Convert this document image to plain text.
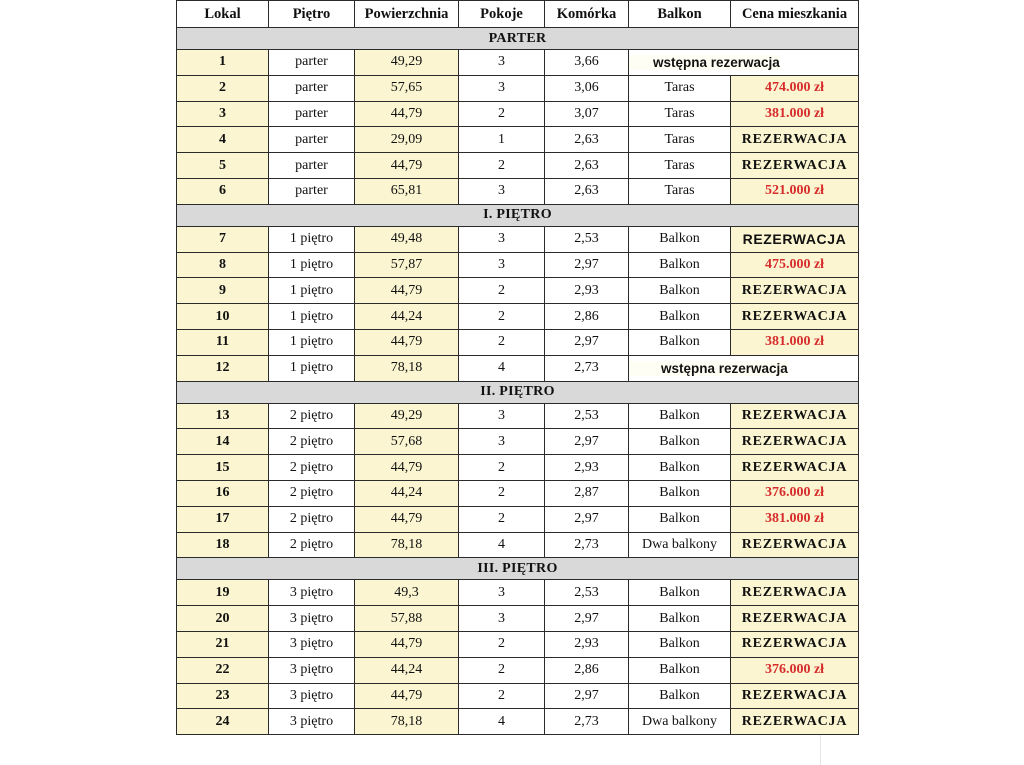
Lokal	Piętro	Powierzchnia	Pokoje	Komórka	Balkon	Cena mieszkania
PARTER						
1	parter	49,29	3	3,66	wstępna rezerwacja	
2	parter	57,65	3	3,06	Taras	474.000 zł
3	parter	44,79	2	3,07	Taras	381.000 zł
4	parter	29,09	1	2,63	Taras	REZERWACJA
5	parter	44,79	2	2,63	Taras	REZERWACJA
6	parter	65,81	3	2,63	Taras	521.000 zł
I. PIĘTRO						
7	1 piętro	49,48	3	2,53	Balkon	REZERWACJA
8	1 piętro	57,87	3	2,97	Balkon	475.000 zł
9	1 piętro	44,79	2	2,93	Balkon	REZERWACJA
10	1 piętro	44,24	2	2,86	Balkon	REZERWACJA
11	1 piętro	44,79	2	2,97	Balkon	381.000 zł
12	1 piętro	78,18	4	2,73	wstępna rezerwacja	
II. PIĘTRO						
13	2 piętro	49,29	3	2,53	Balkon	REZERWACJA
14	2 piętro	57,68	3	2,97	Balkon	REZERWACJA
15	2 piętro	44,79	2	2,93	Balkon	REZERWACJA
16	2 piętro	44,24	2	2,87	Balkon	376.000 zł
17	2 piętro	44,79	2	2,97	Balkon	381.000 zł
18	2 piętro	78,18	4	2,73	Dwa balkony	REZERWACJA
III. PIĘTRO						
19	3 piętro	49,3	3	2,53	Balkon	REZERWACJA
20	3 piętro	57,88	3	2,97	Balkon	REZERWACJA
21	3 piętro	44,79	2	2,93	Balkon	REZERWACJA
22	3 piętro	44,24	2	2,86	Balkon	376.000 zł
23	3 piętro	44,79	2	2,97	Balkon	REZERWACJA
24	3 piętro	78,18	4	2,73	Dwa balkony	REZERWACJA
